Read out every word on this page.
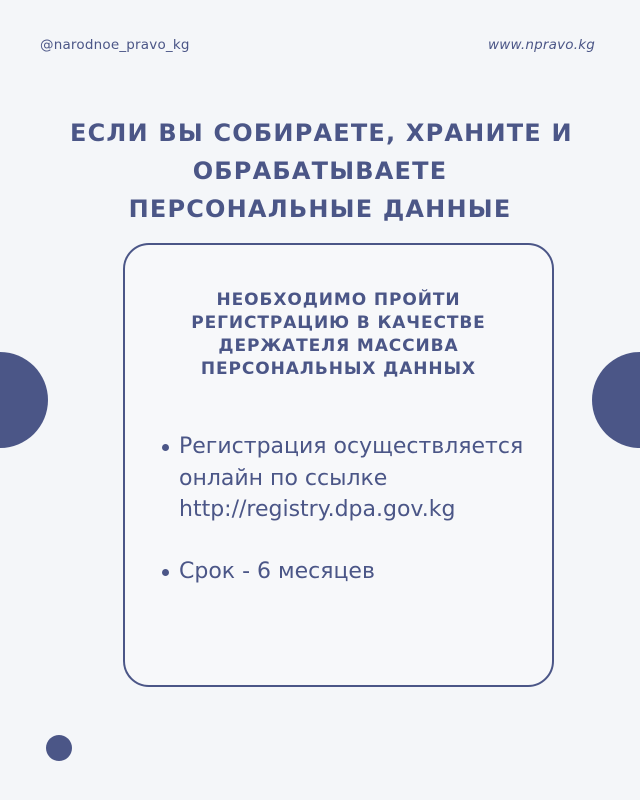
@narodnoe_pravo_kg	www.npravo.kg
ЕСЛИ ВЫ СОБИРАЕТЕ, ХРАНИТЕ И
ОБРАБАТЫВАЕТЕ
ПЕРСОНАЛЬНЫЕ ДАННЫЕ
НЕОБХОДИМО ПРОЙТИ
РЕГИСТРАЦИЮ В КАЧЕСТВЕ
ДЕРЖАТЕЛЯ МАССИВА
ПЕРСОНАЛЬНЫХ ДАННЫХ
Регистрация осуществляется
онлайн по ссылке
http://registry.dpa.gov.kg
Срок - 6 месяцев
